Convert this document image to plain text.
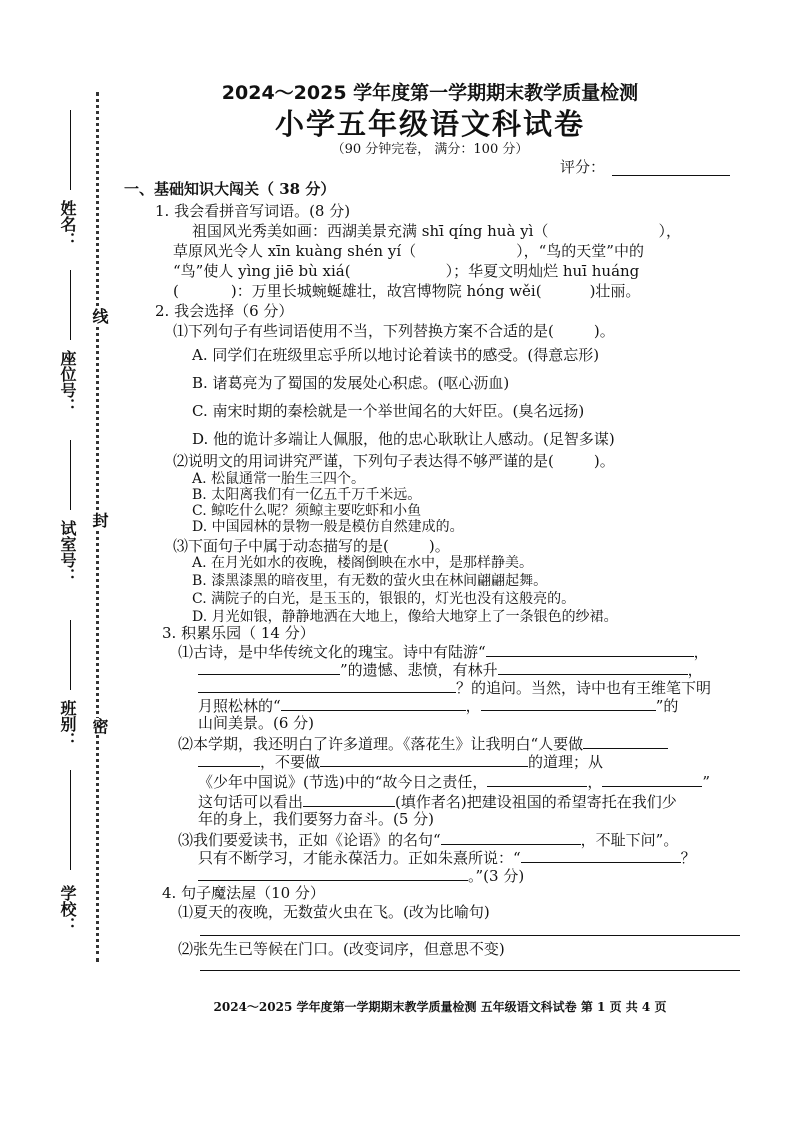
姓名：
座位号：
试室号：
班别：
学校：
线
封
密
2024～2025 学年度第一学期期末教学质量检测
小学五年级语文科试卷
（90 分钟完卷， 满分：100 分）
评分：
一、基础知识大闯关（ 38 分）
1. 我会看拼音写词语。(8 分)
祖国风光秀美如画：西湖美景充满 shī qíng huà yì（	），
草原风光令人 xīn kuàng shén yí（	），“鸟的天堂”中的
“鸟”使人 yìng jiē bù xiá(	）；华夏文明灿烂 huī huáng
(	)：万里长城蜿蜒雄壮，故宫博物院 hóng wěi(	)壮丽。
2. 我会选择（6 分）
⑴下列句子有些词语使用不当，下列替换方案不合适的是(	)。
A. 同学们在班级里忘乎所以地讨论着读书的感受。(得意忘形)
B. 诸葛亮为了蜀国的发展处心积虑。(呕心沥血)
C. 南宋时期的秦桧就是一个举世闻名的大奸臣。(臭名远扬)
D. 他的诡计多端让人佩服，他的忠心耿耿让人感动。(足智多谋)
⑵说明文的用词讲究严谨，下列句子表达得不够严谨的是(	)。
A. 松鼠通常一胎生三四个。
B. 太阳离我们有一亿五千万千米远。
C. 鲸吃什么呢？须鲸主要吃虾和小鱼
D. 中国园林的景物一般是模仿自然建成的。
⑶下面句子中属于动态描写的是(	)。
A. 在月光如水的夜晚，楼阁倒映在水中，是那样静美。
B. 漆黑漆黑的暗夜里，有无数的萤火虫在林间翩翩起舞。
C. 满院子的白光，是玉玉的，银银的，灯光也没有这般亮的。
D. 月光如银，静静地洒在大地上，像给大地穿上了一条银色的纱裙。
3. 积累乐园（ 14 分）
⑴古诗，是中华传统文化的瑰宝。诗中有陆游“	，
”的遗憾、悲愤，有林升	，
？的追问。当然，诗中也有王维笔下明
月照松林的“	，	”的
山间美景。(6 分)
⑵本学期，我还明白了许多道理。《落花生》让我明白“人要做
，不要做	的道理；从
《少年中国说》(节选)中的“故今日之责任，	，	”
这句话可以看出	(填作者名)把建设祖国的希望寄托在我们少
年的身上，我们要努力奋斗。(5 分)
⑶我们要爱读书，正如《论语》的名句“	，不耻下问”。
只有不断学习，才能永葆活力。正如朱熹所说：“	？
。”(3 分)
4. 句子魔法屋（10 分）
⑴夏天的夜晚，无数萤火虫在飞。(改为比喻句)
⑵张先生已等候在门口。(改变词序，但意思不变)
2024～2025 学年度第一学期期末教学质量检测 五年级语文科试卷 第 1 页 共 4 页
